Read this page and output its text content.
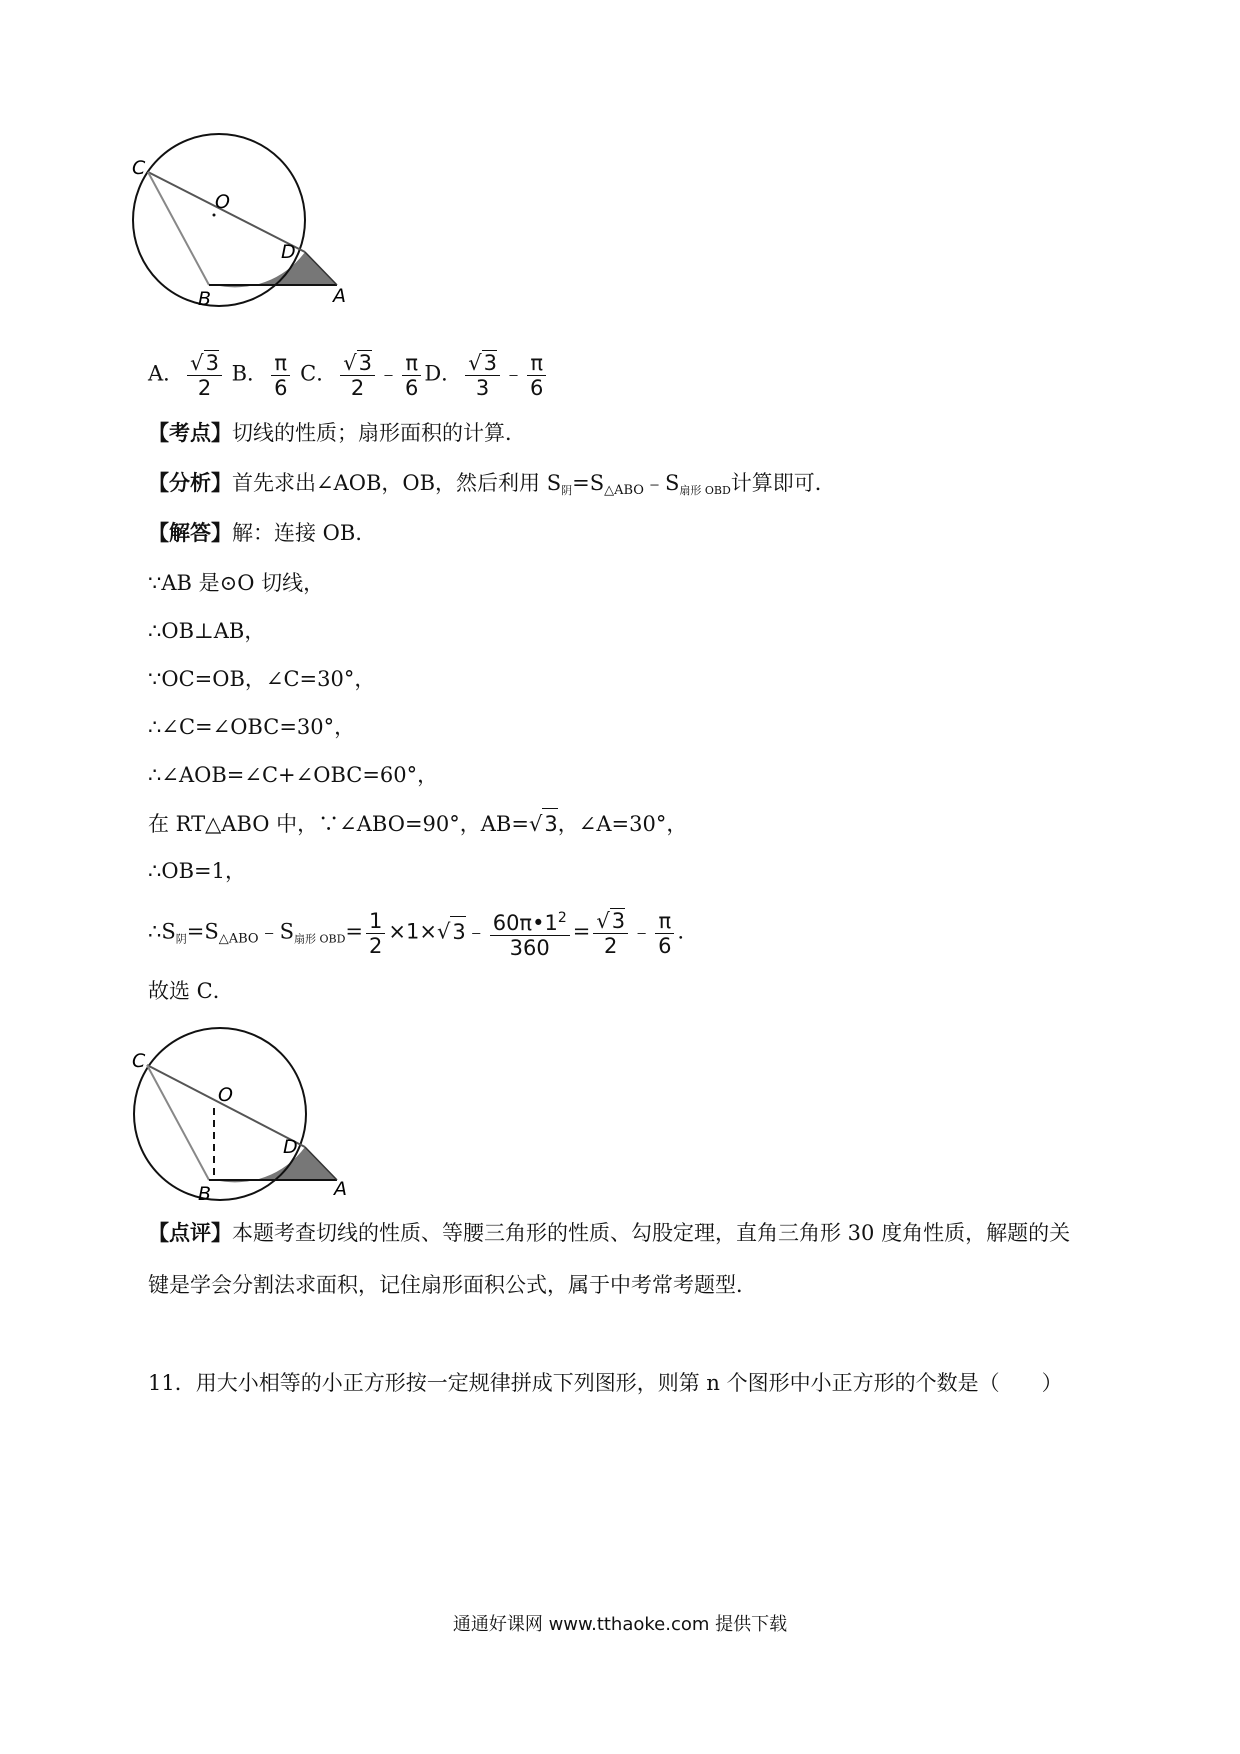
C
O
D
B	A
A． $\frac{√3}{2}$ B． $\frac{\pi}{6}$ C． $\frac{√3}{2}$ ﹣ $\frac{\pi}{6}$ D． $\frac{√3}{3}$ ﹣ $\frac{\pi}{6}$
【考点】切线的性质；扇形面积的计算．
【分析】首先求出∠AOB，OB，然后利用 S阴$=S_{\triangle ABO}﹣S$扇形 OBD计算即可．
【解答】解：连接 OB．
∵AB 是⊙O 切线，
∴OB⊥AB，
∵OC=OB，∠C=30°，
∴∠C=∠OBC=30°，
∴∠AOB=∠C+∠OBC=60°，
在 RT△ABO 中，∵∠ABO=90°，AB=√3，∠A=30°，
∴OB=1，
∴S阴$=S_{\triangle ABO}﹣S$扇形 $OBD= \frac{1}{2}$ ×1×√3﹣ $\frac{60\pi•1^2}{360} = \frac{√3}{2}$ ﹣ $\frac{\pi}{6}$ ．
故选 C．
C
O
D
B	A
【点评】本题考查切线的性质、等腰三角形的性质、勾股定理，直角三角形 30 度角性质，解题的关
键是学会分割法求面积，记住扇形面积公式，属于中考常考题型．
11．用大小相等的小正方形按一定规律拼成下列图形，则第 n 个图形中小正方形的个数是（　　）
通通好课网 www.tthaoke.com 提供下载
